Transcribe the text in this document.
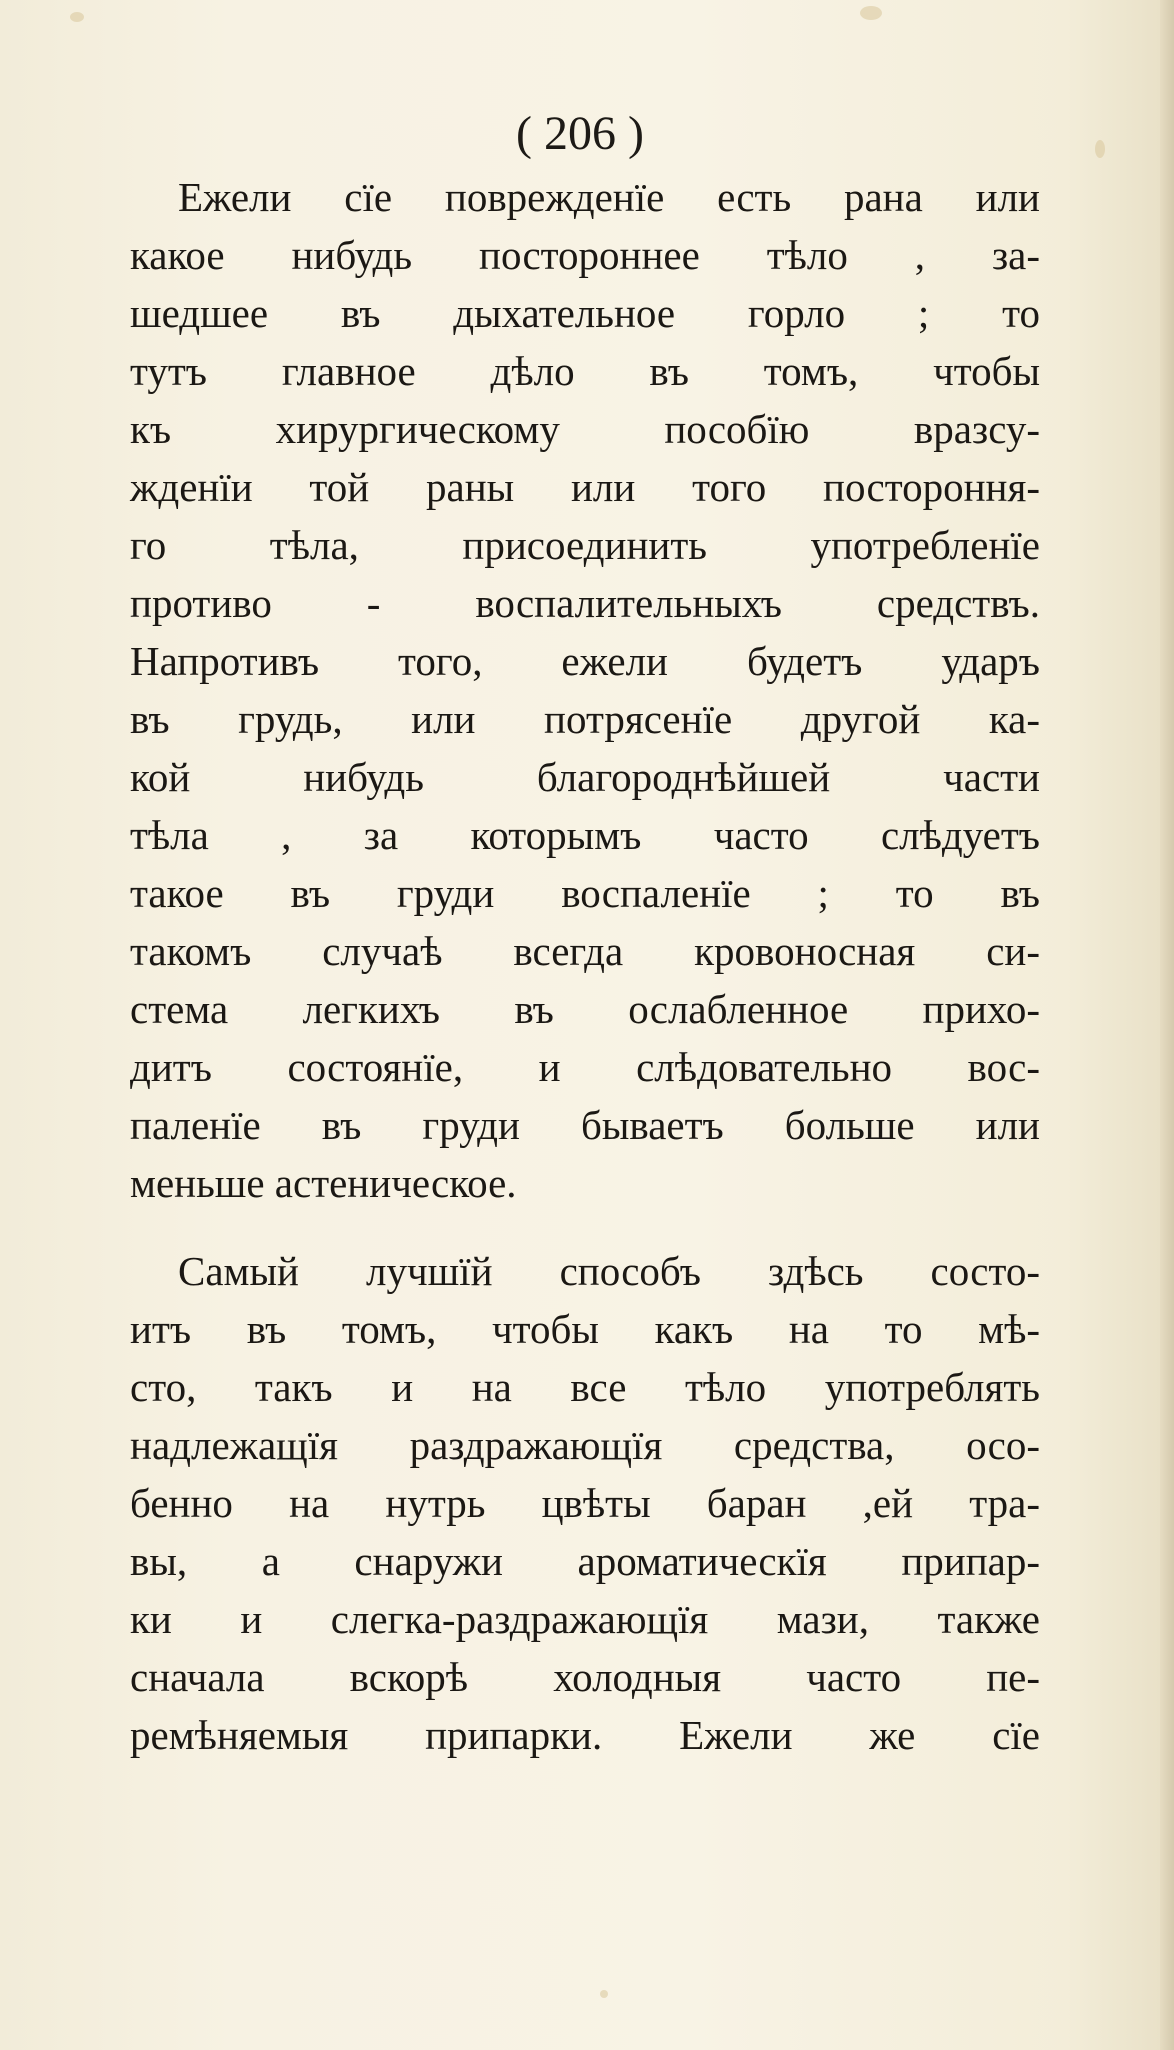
( 206 )
Ежели сїе поврежденїе есть рана или
какое нибудь постороннее тѣло , за-
шедшее въ дыхательное горло ; то
тутъ главное дѣло въ томъ, чтобы
къ хирургическому пособїю вразсу-
жденїи той раны или того постороння-
го тѣла, присоединить употребленїе
противо - воспалительныхъ средствъ.
Напротивъ того, ежели будетъ ударъ
въ грудь, или потрясенїе другой ка-
кой нибудь благороднѣйшей части
тѣла , за которымъ часто слѣдуетъ
такое въ груди воспаленїе ; то въ
такомъ случаѣ всегда кровоносная си-
стема легкихъ въ ослабленное прихо-
дитъ состоянїе, и слѣдовательно вос-
паленїе въ груди бываетъ больше или
меньше астеническое.
Самый лучшїй способъ здѣсь состо-
итъ въ томъ, чтобы какъ на то мѣ-
сто, такъ и на все тѣло употреблять
надлежащїя раздражающїя средства, осо-
бенно на нутрь цвѣты баран ,ей тра-
вы, а снаружи ароматическїя припар-
ки и слегка-раздражающїя мази, также
сначала вскорѣ холодныя часто пе-
ремѣняемыя припарки. Ежели же сїе
